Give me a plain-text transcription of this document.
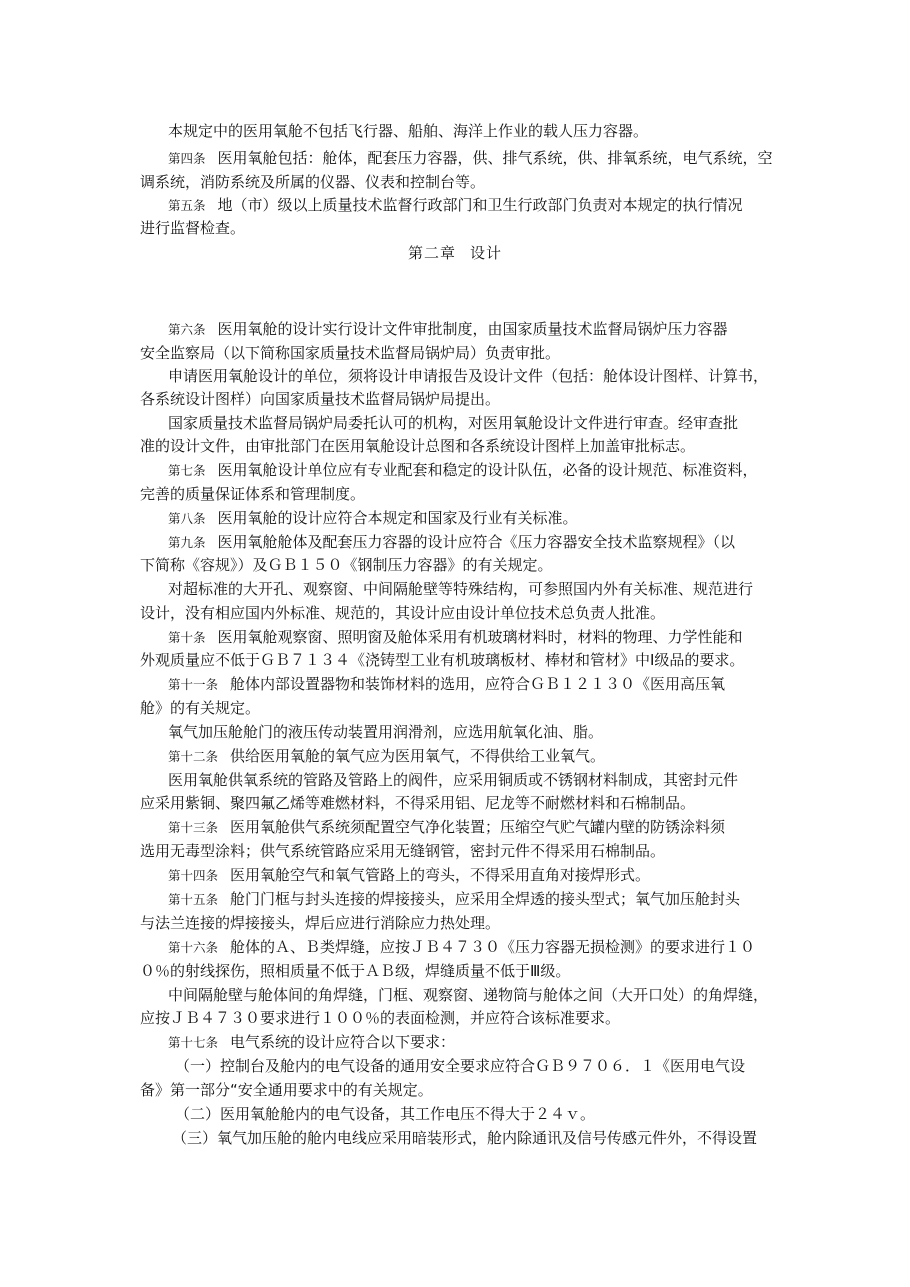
本规定中的医用氧舱不包括飞行器、船舶、海洋上作业的载人压力容器。
第四条 医用氧舱包括：舱体，配套压力容器，供、排气系统，供、排氧系统，电气系统，空
调系统，消防系统及所属的仪器、仪表和控制台等。
第五条 地（市）级以上质量技术监督行政部门和卫生行政部门负责对本规定的执行情况
进行监督检查。
第二章 设计
第六条 医用氧舱的设计实行设计文件审批制度，由国家质量技术监督局锅炉压力容器
安全监察局（以下简称国家质量技术监督局锅炉局）负责审批。
申请医用氧舱设计的单位，须将设计申请报告及设计文件（包括：舱体设计图样、计算书，
各系统设计图样）向国家质量技术监督局锅炉局提出。
国家质量技术监督局锅炉局委托认可的机构，对医用氧舱设计文件进行审查。经审查批
准的设计文件，由审批部门在医用氧舱设计总图和各系统设计图样上加盖审批标志。
第七条 医用氧舱设计单位应有专业配套和稳定的设计队伍，必备的设计规范、标准资料，
完善的质量保证体系和管理制度。
第八条 医用氧舱的设计应符合本规定和国家及行业有关标准。
第九条 医用氧舱舱体及配套压力容器的设计应符合《压力容器安全技术监察规程》（以
下简称《容规》）及ＧＢ１５０《钢制压力容器》的有关规定。
对超标准的大开孔、观察窗、中间隔舱壁等特殊结构，可参照国内外有关标准、规范进行
设计，没有相应国内外标准、规范的，其设计应由设计单位技术总负责人批准。
第十条 医用氧舱观察窗、照明窗及舱体采用有机玻璃材料时，材料的物理、力学性能和
外观质量应不低于ＧＢ７１３４《浇铸型工业有机玻璃板材、棒材和管材》中Ⅰ级品的要求。
第十一条 舱体内部设置器物和装饰材料的选用，应符合ＧＢ１２１３０《医用高压氧
舱》的有关规定。
氧气加压舱舱门的液压传动装置用润滑剂，应选用航氧化油、脂。
第十二条 供给医用氧舱的氧气应为医用氧气，不得供给工业氧气。
医用氧舱供氧系统的管路及管路上的阀件，应采用铜质或不锈钢材料制成，其密封元件
应采用紫铜、聚四氟乙烯等难燃材料，不得采用铝、尼龙等不耐燃材料和石棉制品。
第十三条 医用氧舱供气系统须配置空气净化装置；压缩空气贮气罐内壁的防锈涂料须
选用无毒型涂料；供气系统管路应采用无缝钢管，密封元件不得采用石棉制品。
第十四条 医用氧舱空气和氧气管路上的弯头，不得采用直角对接焊形式。
第十五条 舱门门框与封头连接的焊接接头，应采用全焊透的接头型式；氧气加压舱封头
与法兰连接的焊接接头，焊后应进行消除应力热处理。
第十六条 舱体的Ａ、Ｂ类焊缝，应按ＪＢ４７３０《压力容器无损检测》的要求进行１０
０％的射线探伤，照相质量不低于ＡＢ级，焊缝质量不低于Ⅲ级。
中间隔舱壁与舱体间的角焊缝，门框、观察窗、递物筒与舱体之间（大开口处）的角焊缝，
应按ＪＢ４７３０要求进行１００％的表面检测，并应符合该标准要求。
第十七条 电气系统的设计应符合以下要求：
（一）控制台及舱内的电气设备的通用安全要求应符合ＧＢ９７０６．１《医用电气设
备》第一部分“安全通用要求中的有关规定。
（二）医用氧舱舱内的电气设备，其工作电压不得大于２４ｖ。
（三）氧气加压舱的舱内电线应采用暗装形式，舱内除通讯及信号传感元件外，不得设置
